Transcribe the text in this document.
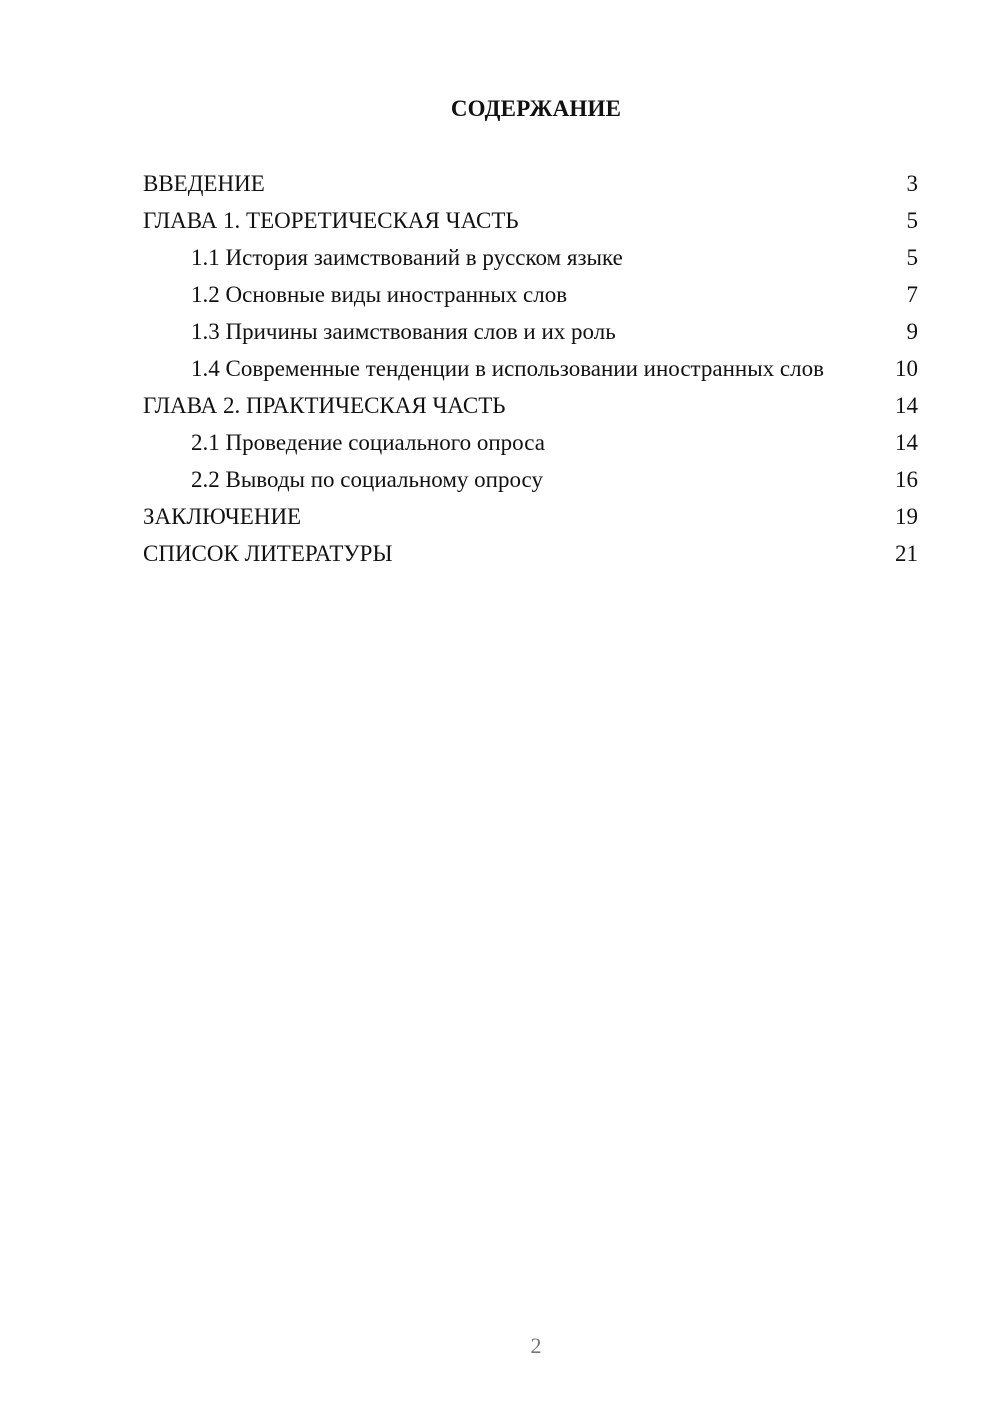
СОДЕРЖАНИЕ
ВВЕДЕНИЕ	3
ГЛАВА 1. ТЕОРЕТИЧЕСКАЯ ЧАСТЬ	5
1.1 История заимствований в русском языке	5
1.2 Основные виды иностранных слов	7
1.3 Причины заимствования слов и их роль	9
1.4 Современные тенденции в использовании иностранных слов	10
ГЛАВА 2. ПРАКТИЧЕСКАЯ ЧАСТЬ	14
2.1 Проведение социального опроса	14
2.2 Выводы по социальному опросу	16
ЗАКЛЮЧЕНИЕ	19
СПИСОК ЛИТЕРАТУРЫ	21
2
